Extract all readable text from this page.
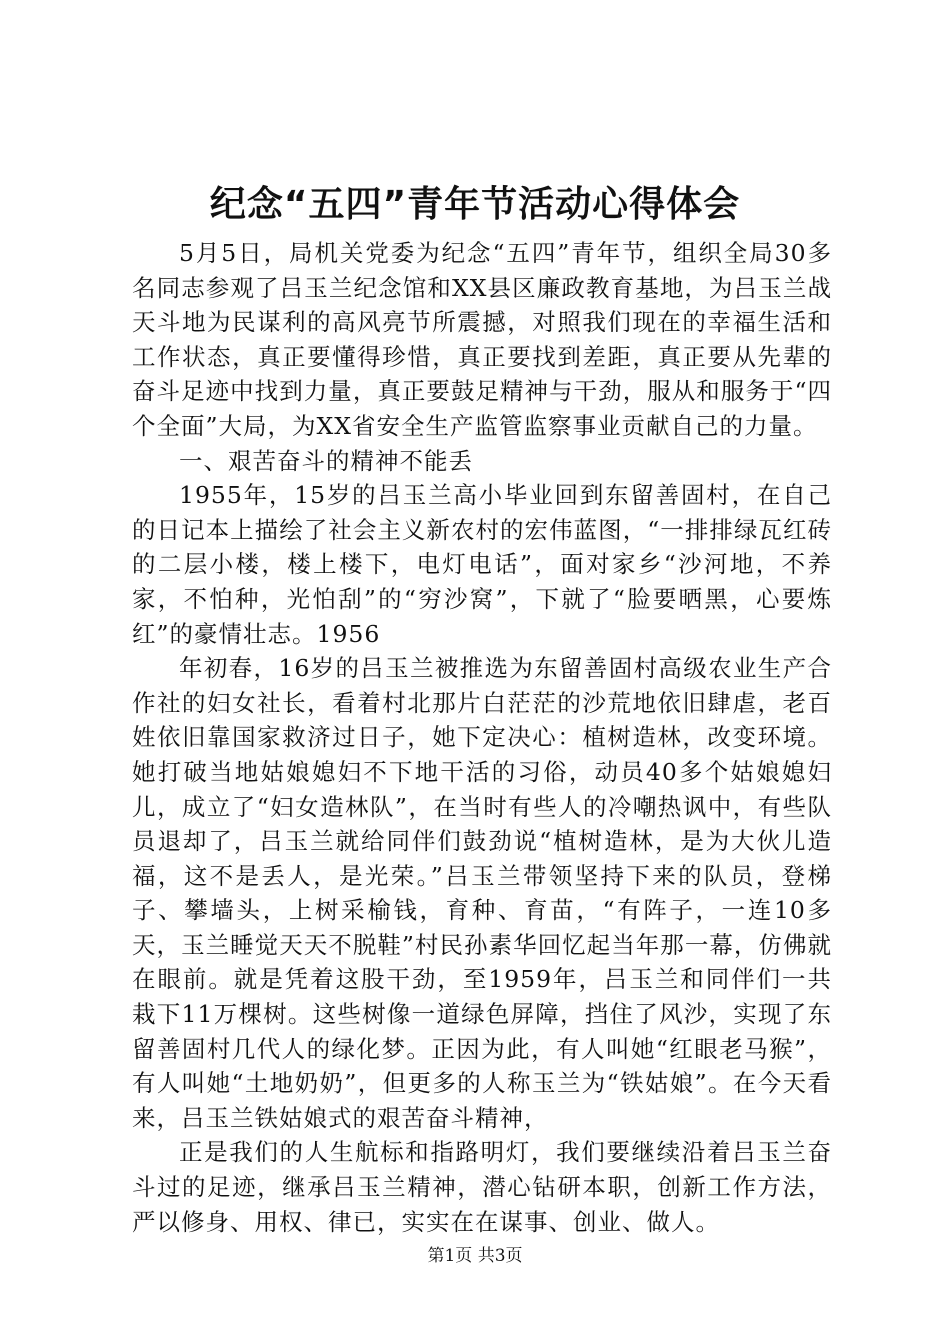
纪念“五四”青年节活动心得体会

5月5日，局机关党委为纪念“五四”青年节，组织全局30多名同志参观了吕玉兰纪念馆和XX县区廉政教育基地，为吕玉兰战天斗地为民谋利的高风亮节所震撼，对照我们现在的幸福生活和工作状态，真正要懂得珍惜，真正要找到差距，真正要从先辈的奋斗足迹中找到力量，真正要鼓足精神与干劲，服从和服务于“四个全面”大局，为XX省安全生产监管监察事业贡献自己的力量。

一、艰苦奋斗的精神不能丢

1955年，15岁的吕玉兰高小毕业回到东留善固村，在自己的日记本上描绘了社会主义新农村的宏伟蓝图，“一排排绿瓦红砖的二层小楼，楼上楼下，电灯电话”，面对家乡“沙河地，不养家，不怕种，光怕刮”的“穷沙窝”，下就了“脸要晒黑，心要炼红”的豪情壮志。1956

年初春，16岁的吕玉兰被推选为东留善固村高级农业生产合作社的妇女社长，看着村北那片白茫茫的沙荒地依旧肆虐，老百姓依旧靠国家救济过日子，她下定决心：植树造林，改变环境。她打破当地姑娘媳妇不下地干活的习俗，动员40多个姑娘媳妇儿，成立了“妇女造林队”，在当时有些人的冷嘲热讽中，有些队员退却了，吕玉兰就给同伴们鼓劲说“植树造林，是为大伙儿造福，这不是丢人，是光荣。”吕玉兰带领坚持下来的队员，登梯子、攀墙头，上树采榆钱，育种、育苗，“有阵子，一连10多天，玉兰睡觉天天不脱鞋”村民孙素华回忆起当年那一幕，仿佛就在眼前。就是凭着这股干劲，至1959年，吕玉兰和同伴们一共栽下11万棵树。这些树像一道绿色屏障，挡住了风沙，实现了东留善固村几代人的绿化梦。正因为此，有人叫她“红眼老马猴”，有人叫她“土地奶奶”，但更多的人称玉兰为“铁姑娘”。在今天看来，吕玉兰铁姑娘式的艰苦奋斗精神，

正是我们的人生航标和指路明灯，我们要继续沿着吕玉兰奋斗过的足迹，继承吕玉兰精神，潜心钻研本职，创新工作方法，严以修身、用权、律已，实实在在谋事、创业、做人。

第1页 共3页
